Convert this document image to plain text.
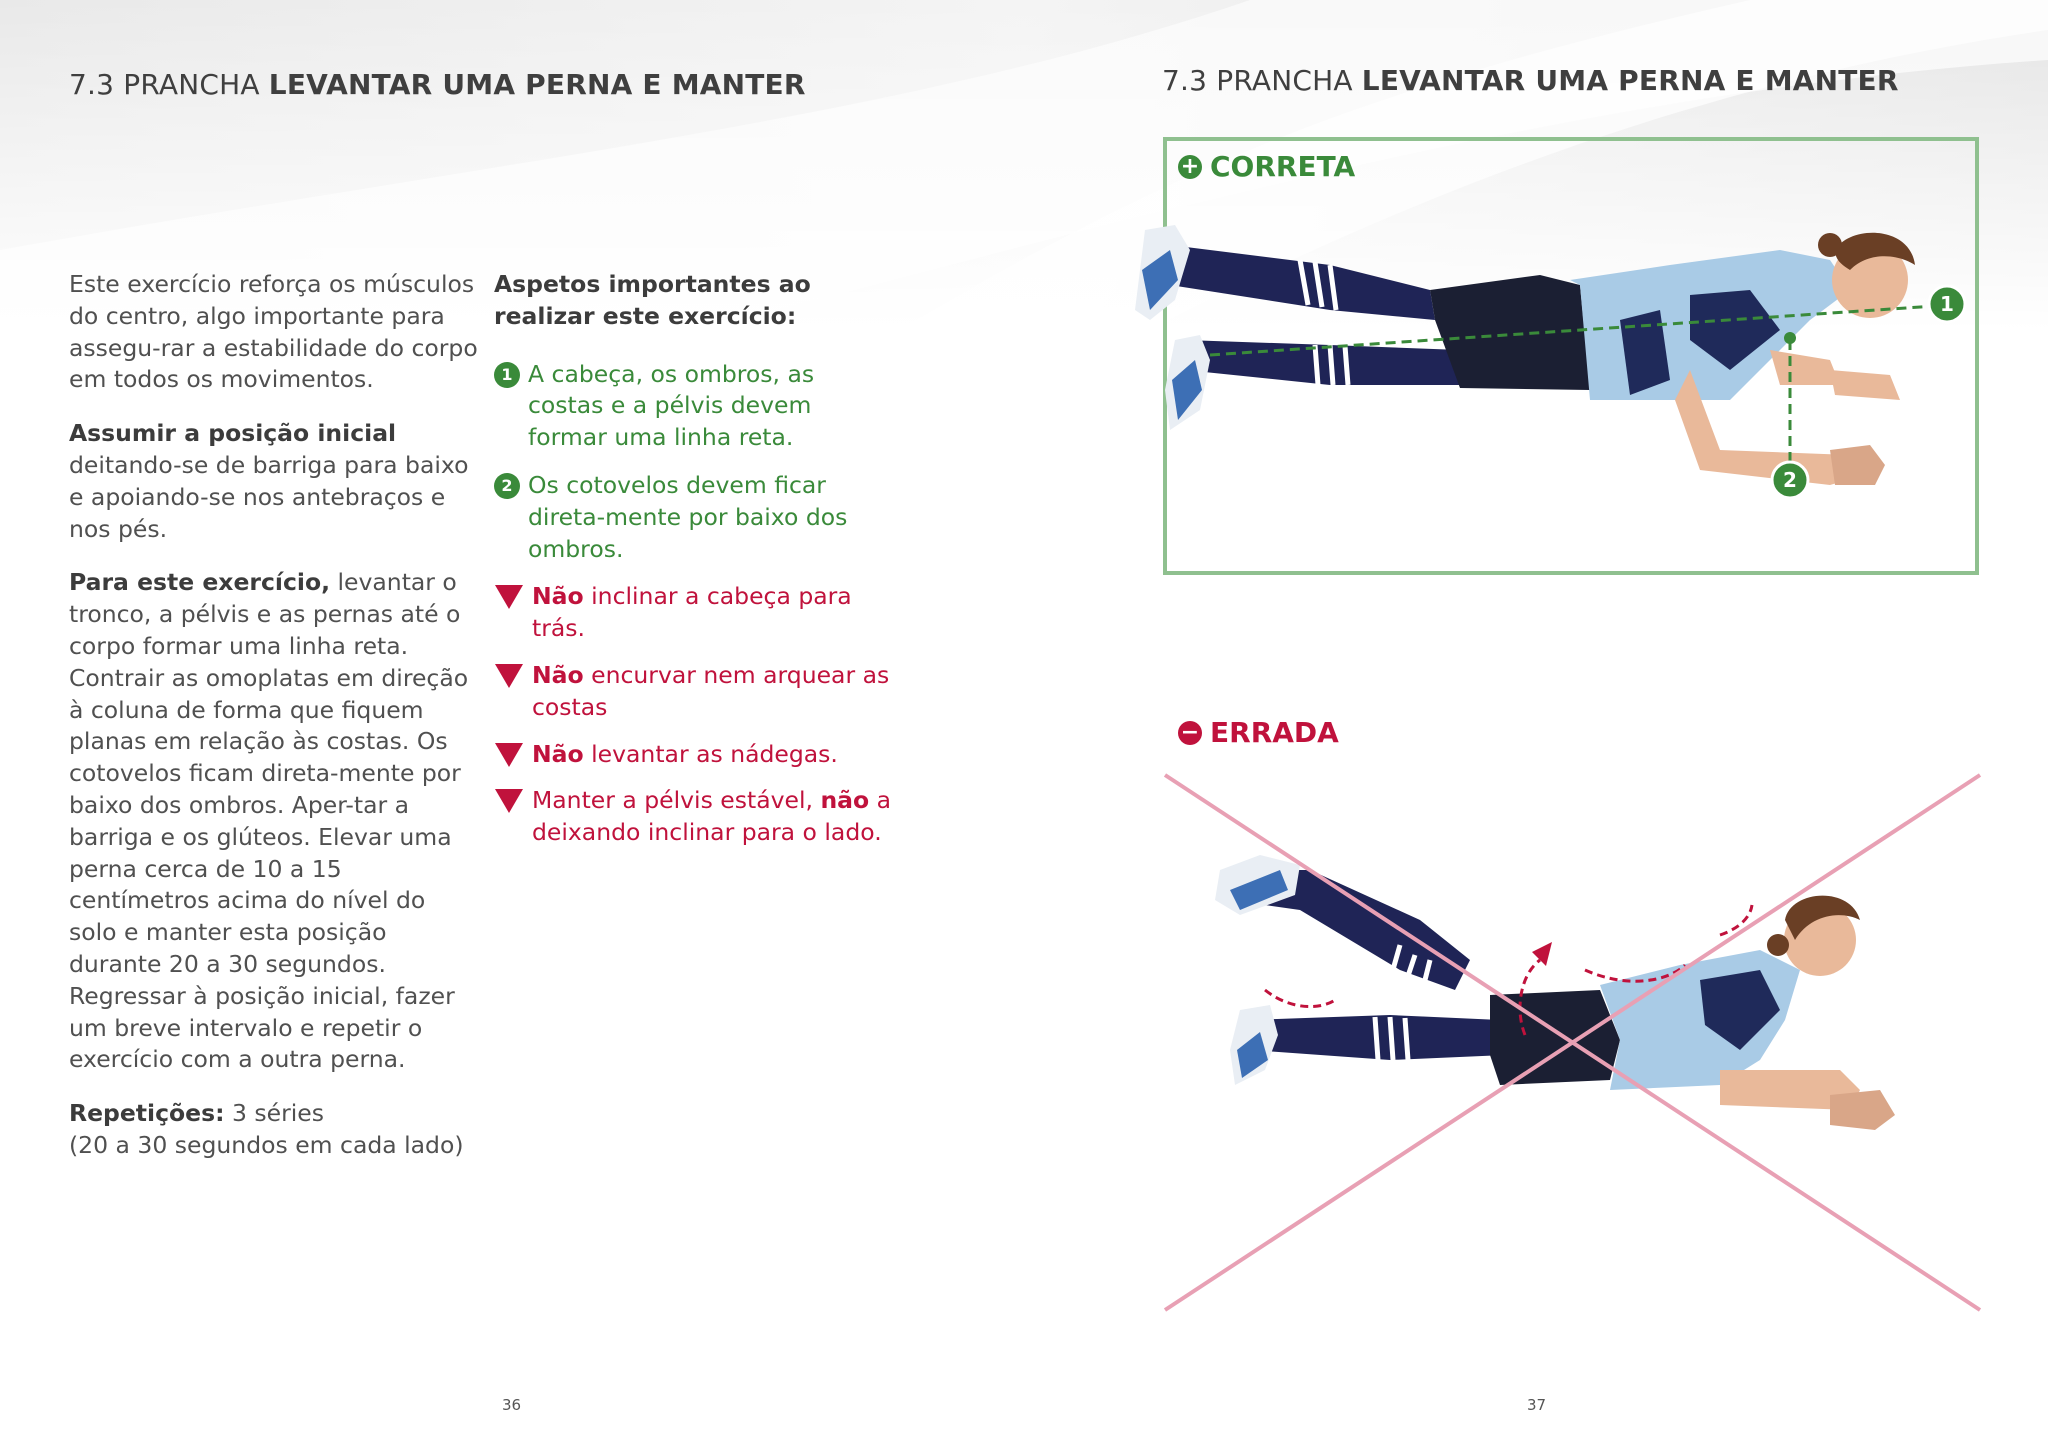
7.3 PRANCHA LEVANTAR UMA PERNA E MANTER

Este exercício reforça os músculos do centro, algo importante para assegu-rar a estabilidade do corpo em todos os movimentos.

Assumir a posição inicial deitando-se de barriga para baixo e apoiando-se nos antebraços e nos pés.

Para este exercício, levantar o tronco, a pélvis e as pernas até o corpo formar uma linha reta. Contrair as omoplatas em direção à coluna de forma que fiquem planas em relação às costas. Os cotovelos ficam direta-mente por baixo dos ombros. Aper-tar a barriga e os glúteos. Elevar uma perna cerca de 10 a 15 centímetros acima do nível do solo e manter esta posição durante 20 a 30 segundos. Regressar à posição inicial, fazer um breve intervalo e repetir o exercício com a outra perna.

Repetições: 3 séries
(20 a 30 segundos em cada lado)

Aspetos importantes ao realizar este exercício:
1 A cabeça, os ombros, as costas e a pélvis devem formar uma linha reta.
2 Os cotovelos devem ficar direta-mente por baixo dos ombros.
Não inclinar a cabeça para trás.
Não encurvar nem arquear as costas
Não levantar as nádegas.
Manter a pélvis estável, não a deixando inclinar para o lado.
36
7.3 PRANCHA LEVANTAR UMA PERNA E MANTER
+ CORRETA
1
2
− ERRADA
37
